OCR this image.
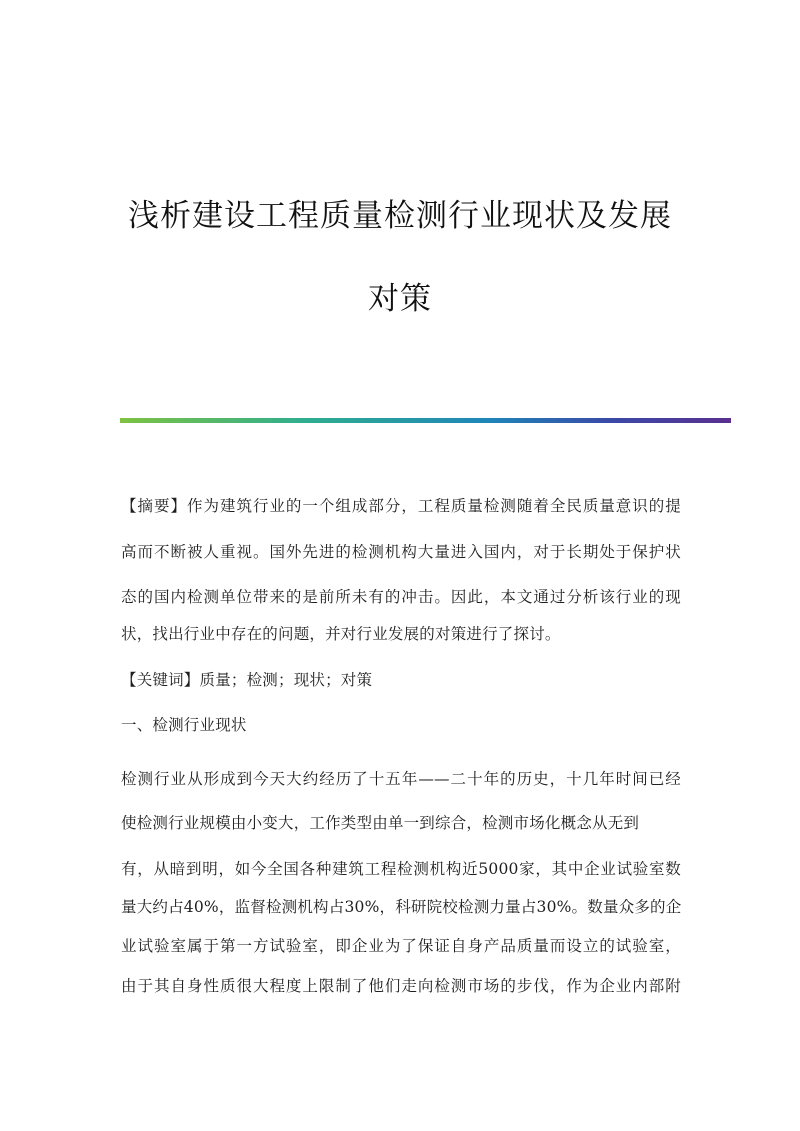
浅析建设工程质量检测行业现状及发展
对策
【摘要】作为建筑行业的一个组成部分，工程质量检测随着全民质量意识的提
高而不断被人重视。国外先进的检测机构大量进入国内，对于长期处于保护状
态的国内检测单位带来的是前所未有的冲击。因此，本文通过分析该行业的现
状，找出行业中存在的问题，并对行业发展的对策进行了探讨。
【关键词】质量；检测；现状；对策
一、检测行业现状
检测行业从形成到今天大约经历了十五年——二十年的历史，十几年时间已经
使检测行业规模由小变大，工作类型由单一到综合，检测市场化概念从无到
有，从暗到明，如今全国各种建筑工程检测机构近5000家，其中企业试验室数
量大约占40%，监督检测机构占30%，科研院校检测力量占30%。数量众多的企
业试验室属于第一方试验室，即企业为了保证自身产品质量而设立的试验室，
由于其自身性质很大程度上限制了他们走向检测市场的步伐，作为企业内部附
